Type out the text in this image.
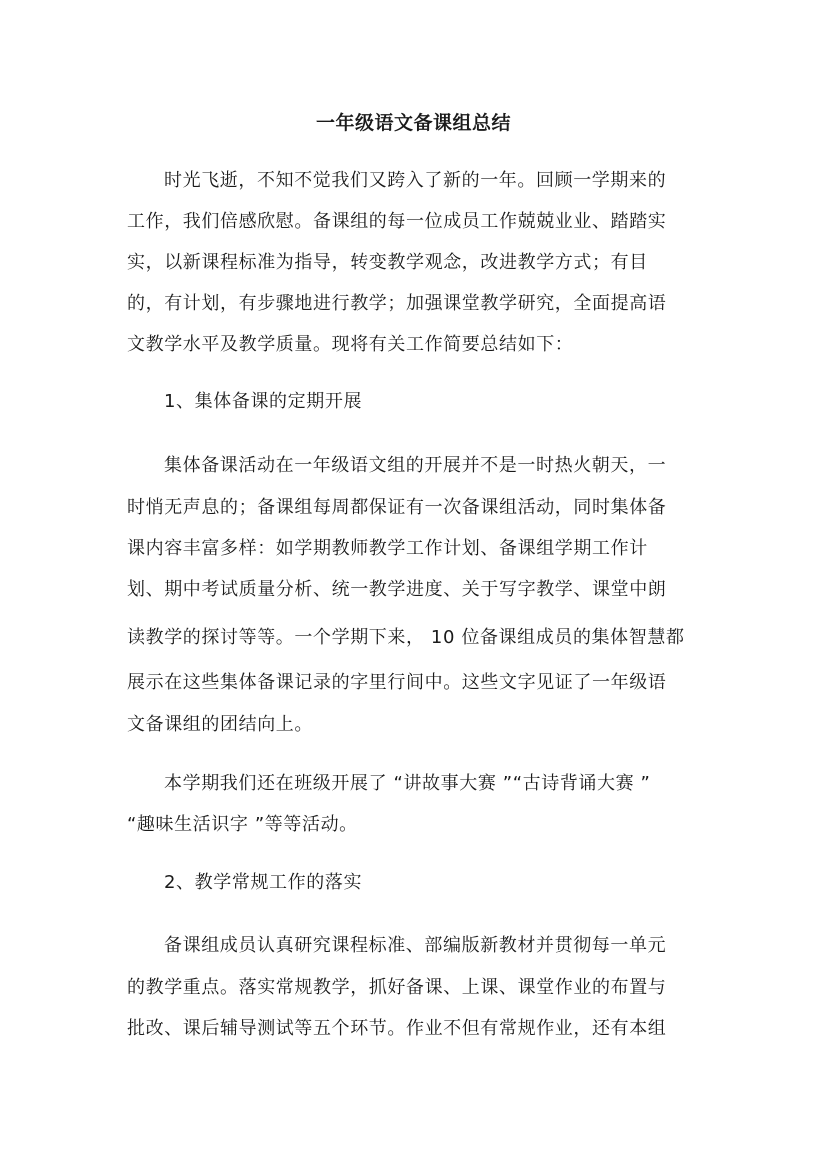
一年级语文备课组总结
时光飞逝，不知不觉我们又跨入了新的一年。回顾一学期来的
工作，我们倍感欣慰。备课组的每一位成员工作兢兢业业、踏踏实
实，以新课程标准为指导，转变教学观念，改进教学方式；有目
的，有计划，有步骤地进行教学；加强课堂教学研究，全面提高语
文教学水平及教学质量。现将有关工作简要总结如下：
1、集体备课的定期开展
集体备课活动在一年级语文组的开展并不是一时热火朝天，一
时悄无声息的；备课组每周都保证有一次备课组活动，同时集体备
课内容丰富多样：如学期教师教学工作计划、备课组学期工作计
划、期中考试质量分析、统一教学进度、关于写字教学、课堂中朗
读教学的探讨等等。一个学期下来， 10 位备课组成员的集体智慧都
展示在这些集体备课记录的字里行间中。这些文字见证了一年级语
文备课组的团结向上。
本学期我们还在班级开展了 “讲故事大赛 ”“古诗背诵大赛 ”
“趣味生活识字 ”等等活动。
2、教学常规工作的落实
备课组成员认真研究课程标准、部编版新教材并贯彻每一单元
的教学重点。落实常规教学，抓好备课、上课、课堂作业的布置与
批改、课后辅导测试等五个环节。作业不但有常规作业，还有本组
